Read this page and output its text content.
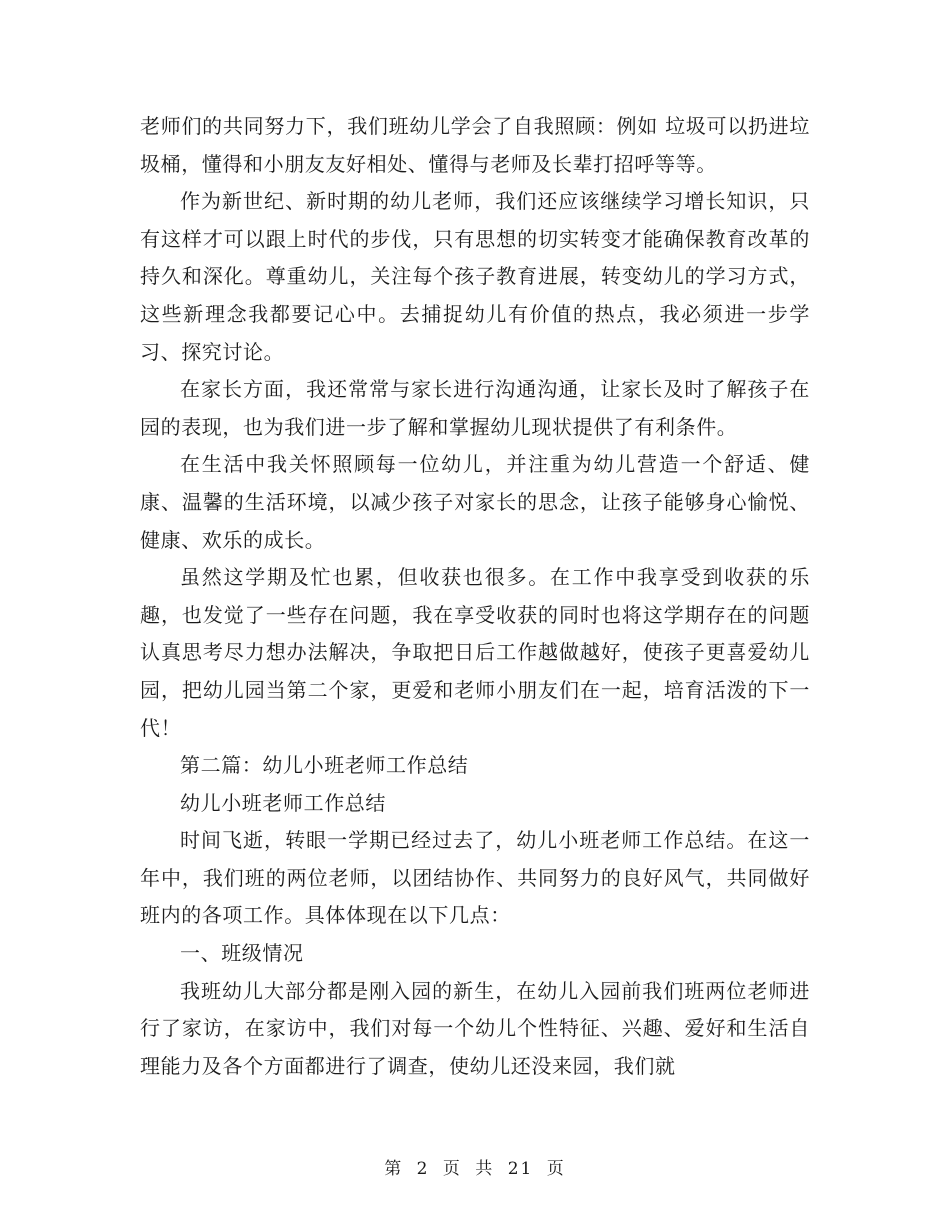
老师们的共同努力下，我们班幼儿学会了自我照顾：例如 垃圾可以扔进垃圾桶，懂得和小朋友友好相处、懂得与老师及长辈打招呼等等。

作为新世纪、新时期的幼儿老师，我们还应该继续学习增长知识，只有这样才可以跟上时代的步伐，只有思想的切实转变才能确保教育改革的持久和深化。尊重幼儿，关注每个孩子教育进展，转变幼儿的学习方式，这些新理念我都要记心中。去捕捉幼儿有价值的热点，我必须进一步学习、探究讨论。

在家长方面，我还常常与家长进行沟通沟通，让家长及时了解孩子在园的表现，也为我们进一步了解和掌握幼儿现状提供了有利条件。

在生活中我关怀照顾每一位幼儿，并注重为幼儿营造一个舒适、健康、温馨的生活环境，以减少孩子对家长的思念，让孩子能够身心愉悦、健康、欢乐的成长。

虽然这学期及忙也累，但收获也很多。在工作中我享受到收获的乐趣，也发觉了一些存在问题，我在享受收获的同时也将这学期存在的问题认真思考尽力想办法解决，争取把日后工作越做越好，使孩子更喜爱幼儿园，把幼儿园当第二个家，更爱和老师小朋友们在一起，培育活泼的下一代！

第二篇：幼儿小班老师工作总结

幼儿小班老师工作总结

时间飞逝，转眼一学期已经过去了，幼儿小班老师工作总结。在这一年中，我们班的两位老师，以团结协作、共同努力的良好风气，共同做好班内的各项工作。具体体现在以下几点：

一、班级情况

我班幼儿大部分都是刚入园的新生，在幼儿入园前我们班两位老师进行了家访，在家访中，我们对每一个幼儿个性特征、兴趣、爱好和生活自理能力及各个方面都进行了调查，使幼儿还没来园，我们就

第 2 页 共 21 页
